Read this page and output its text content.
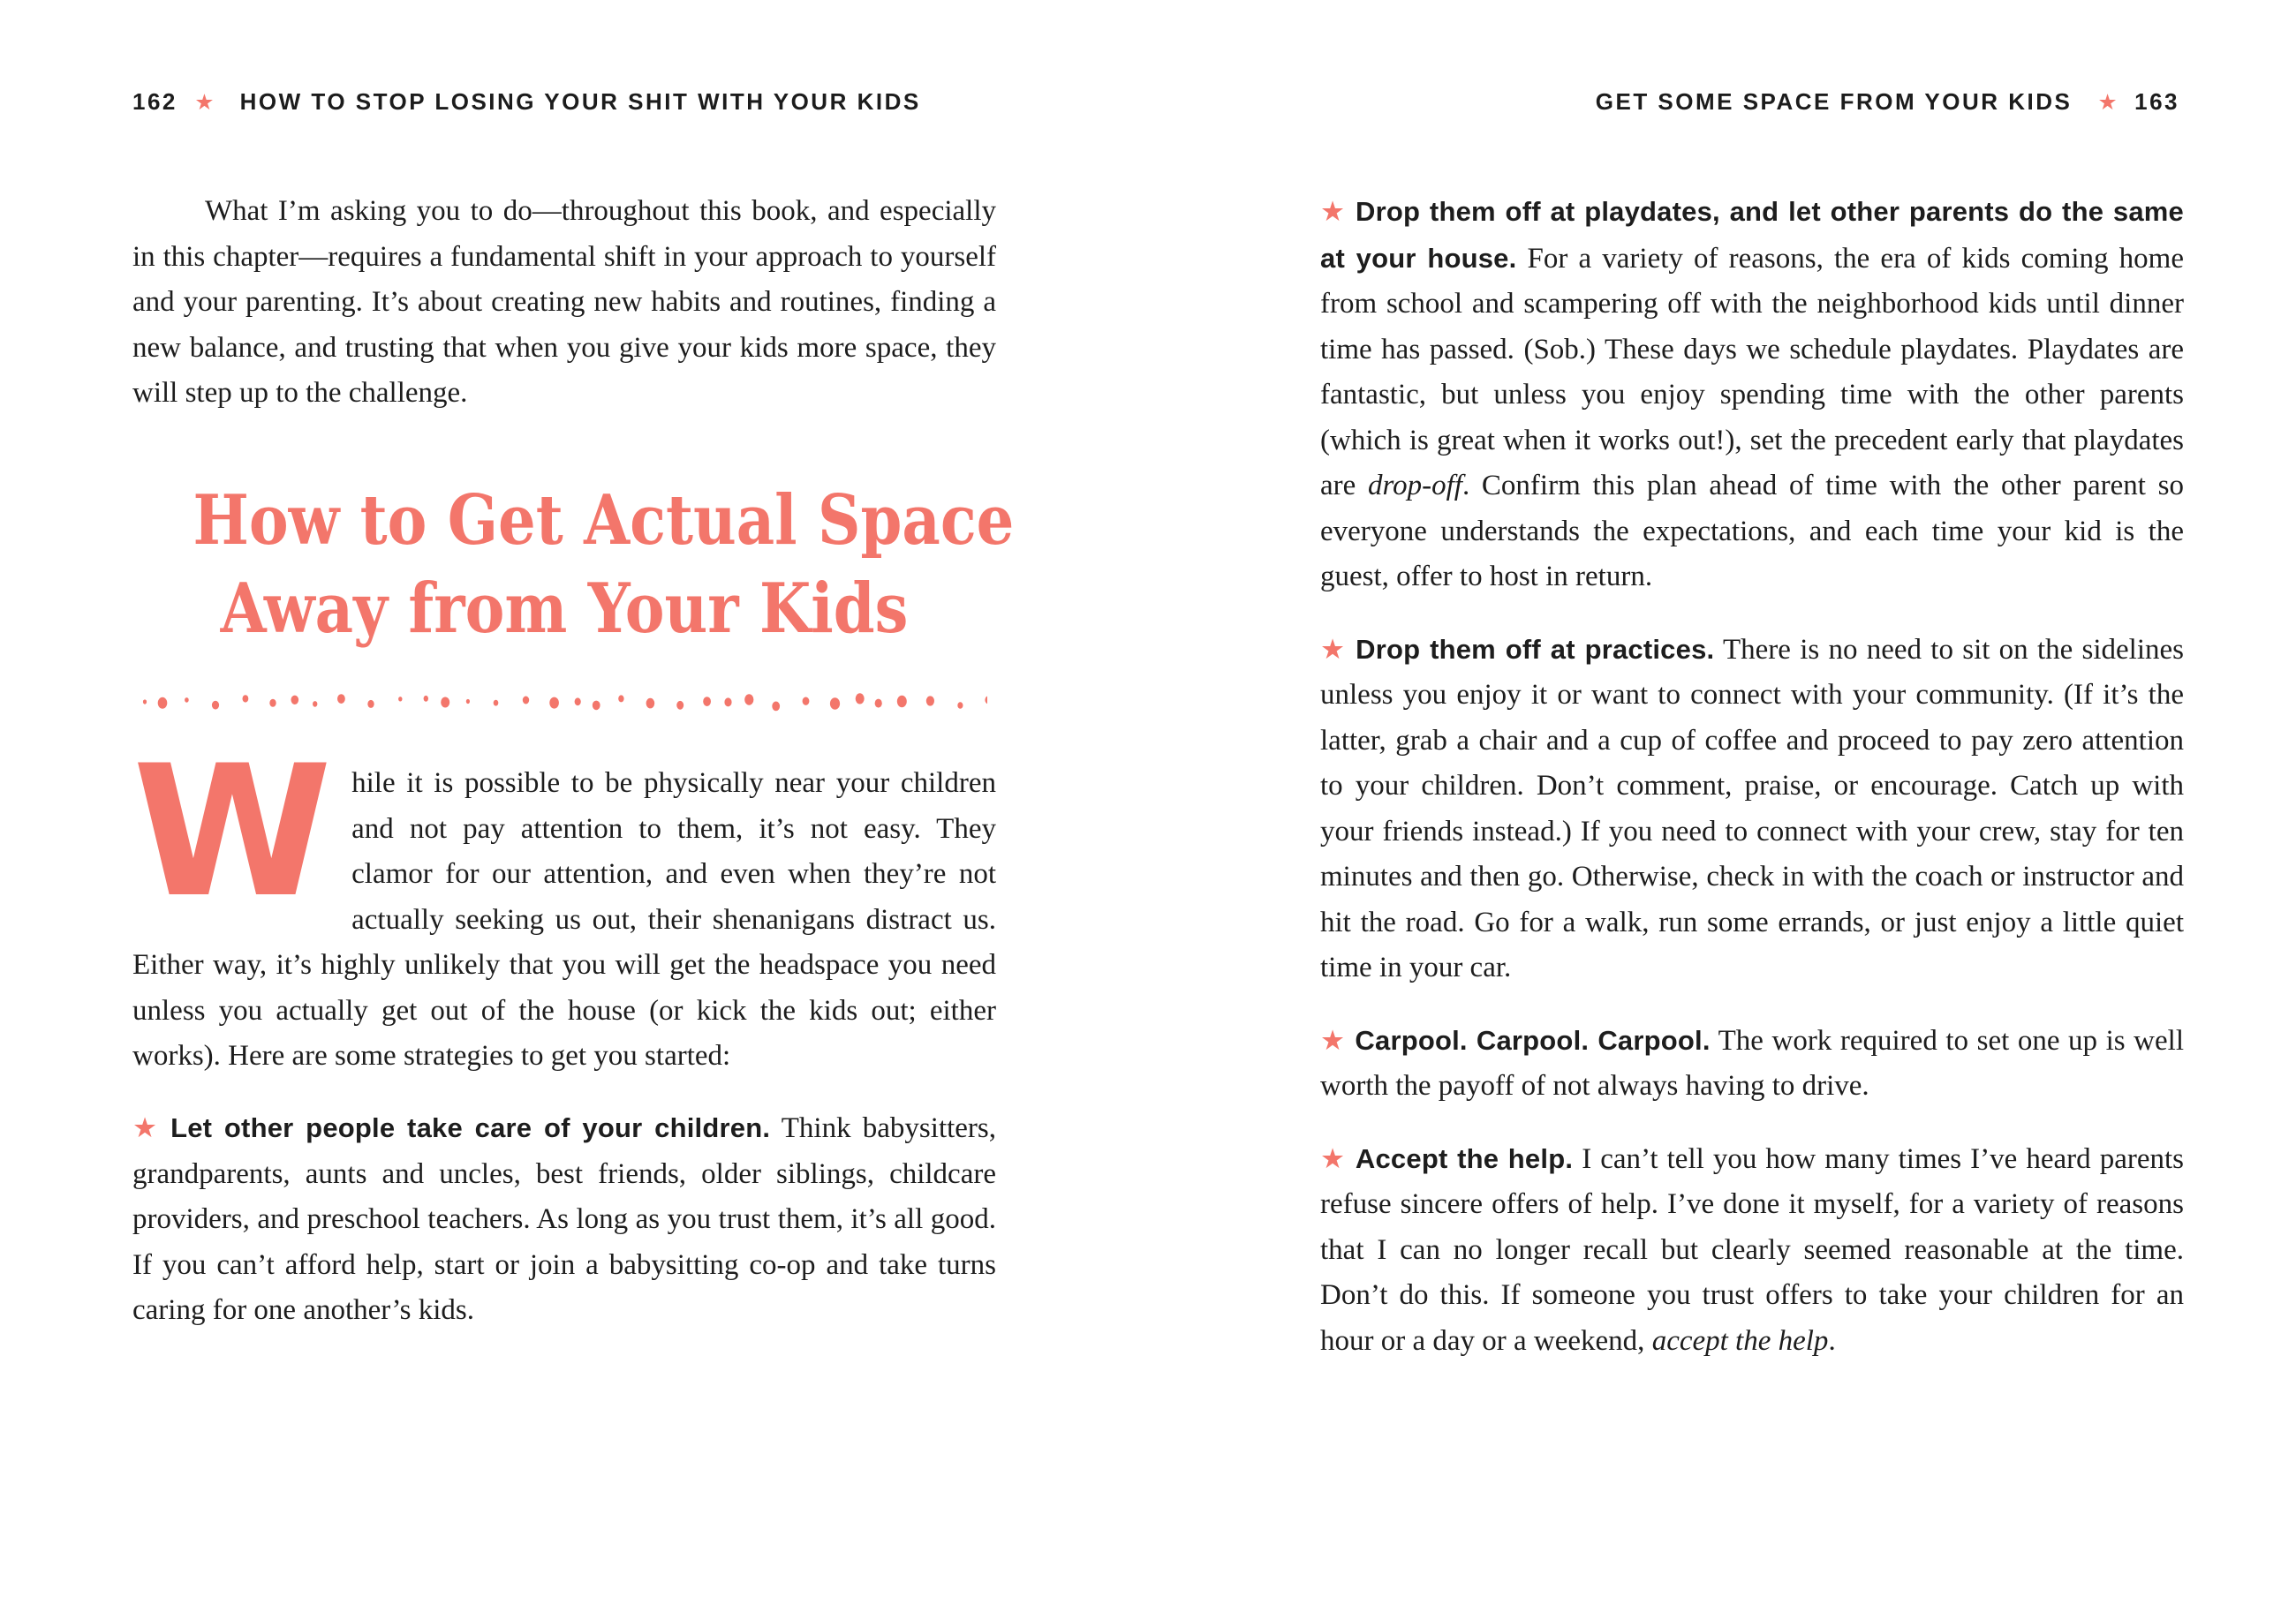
162 ★ HOW TO STOP LOSING YOUR SHIT WITH YOUR KIDS	GET SOME SPACE FROM YOUR KIDS ★ 163

What I’m asking you to do—throughout this book, and especially in this chapter—requires a fundamental shift in your approach to yourself and your parenting. It’s about creating new habits and routines, finding a new balance, and trusting that when you give your kids more space, they will step up to the challenge.

How to Get Actual Space
Away from Your Kids

While it is possible to be physically near your children and not pay attention to them, it’s not easy. They clamor for our attention, and even when they’re not actually seeking us out, their shenanigans distract us. Either way, it’s highly unlikely that you will get the headspace you need unless you actually get out of the house (or kick the kids out; either works). Here are some strategies to get you started:

★ Let other people take care of your children. Think babysitters, grandparents, aunts and uncles, best friends, older siblings, childcare providers, and preschool teachers. As long as you trust them, it’s all good. If you can’t afford help, start or join a babysitting co-op and take turns caring for one another’s kids.

★ Drop them off at playdates, and let other parents do the same at your house. For a variety of reasons, the era of kids coming home from school and scampering off with the neighborhood kids until dinner time has passed. (Sob.) These days we schedule playdates. Playdates are fantastic, but unless you enjoy spending time with the other parents (which is great when it works out!), set the precedent early that playdates are drop-off. Confirm this plan ahead of time with the other parent so everyone understands the expectations, and each time your kid is the guest, offer to host in return.

★ Drop them off at practices. There is no need to sit on the sidelines unless you enjoy it or want to connect with your community. (If it’s the latter, grab a chair and a cup of coffee and proceed to pay zero attention to your children. Don’t comment, praise, or encourage. Catch up with your friends instead.) If you need to connect with your crew, stay for ten minutes and then go. Otherwise, check in with the coach or instructor and hit the road. Go for a walk, run some errands, or just enjoy a little quiet time in your car.

★ Carpool. Carpool. Carpool. The work required to set one up is well worth the payoff of not always having to drive.

★ Accept the help. I can’t tell you how many times I’ve heard parents refuse sincere offers of help. I’ve done it myself, for a variety of reasons that I can no longer recall but clearly seemed reasonable at the time. Don’t do this. If someone you trust offers to take your children for an hour or a day or a weekend, accept the help.
